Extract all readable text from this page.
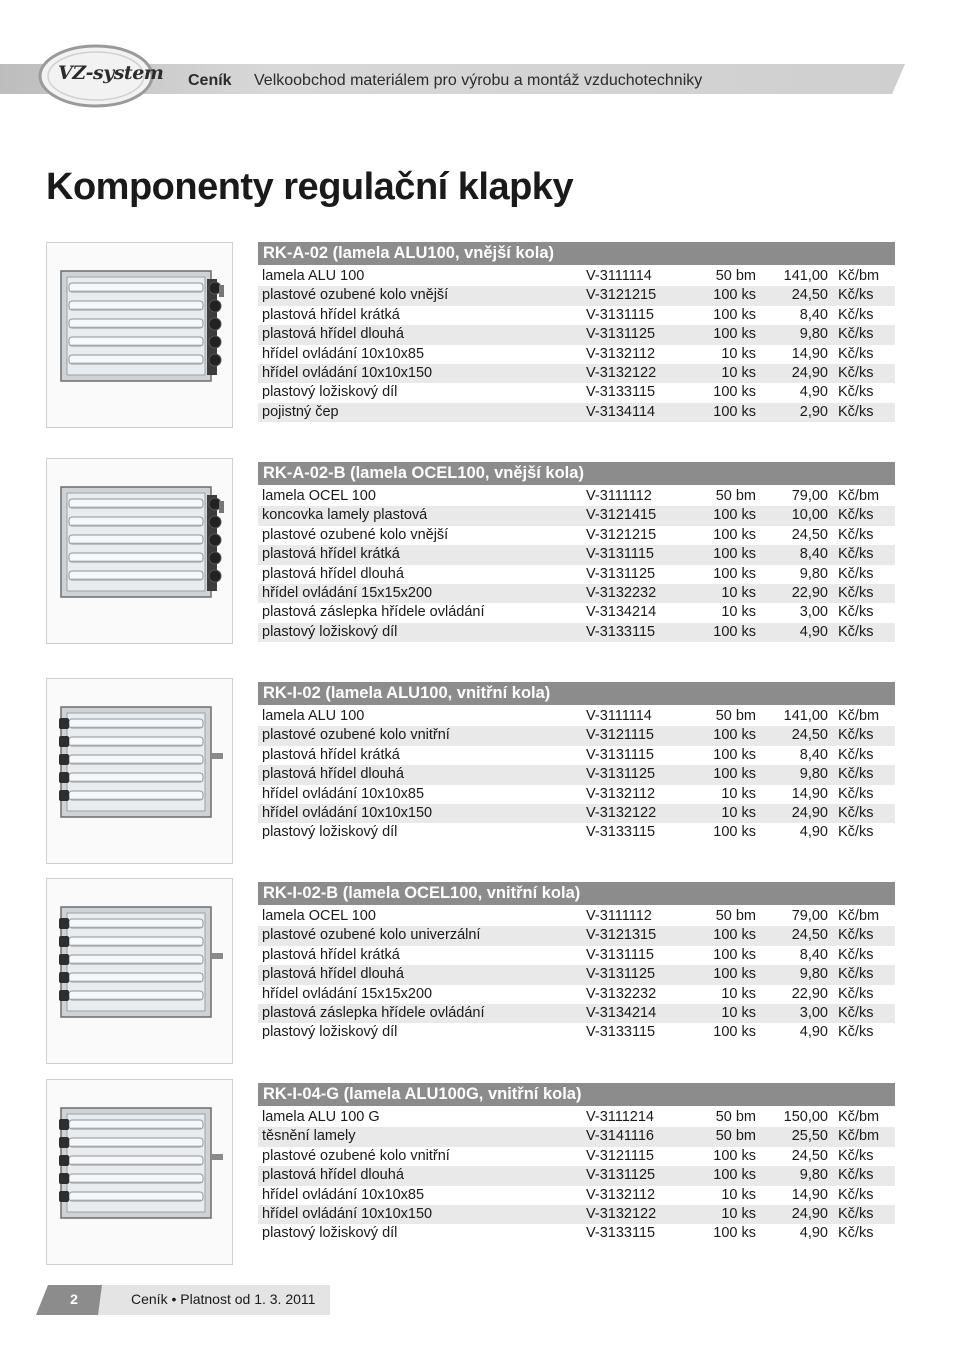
VZ-system Ceník Velkoobchod materiálem pro výrobu a montáž vzduchotechniky
Komponenty regulační klapky
RK-A-02 (lamela ALU100, vnější kola)
lamela ALU 100	V-3111114	50 bm	141,00 Kč/bm
plastové ozubené kolo vnější	V-3121215	100 ks	24,50 Kč/ks
plastová hřídel krátká	V-3131115	100 ks	8,40 Kč/ks
plastová hřídel dlouhá	V-3131125	100 ks	9,80 Kč/ks
hřídel ovládání 10x10x85	V-3132112	10 ks	14,90 Kč/ks
hřídel ovládání 10x10x150	V-3132122	10 ks	24,90 Kč/ks
plastový ložiskový díl	V-3133115	100 ks	4,90 Kč/ks
pojistný čep	V-3134114	100 ks	2,90 Kč/ks
RK-A-02-B (lamela OCEL100, vnější kola)
lamela OCEL 100	V-3111112	50 bm	79,00 Kč/bm
koncovka lamely plastová	V-3121415	100 ks	10,00 Kč/ks
plastové ozubené kolo vnější	V-3121215	100 ks	24,50 Kč/ks
plastová hřídel krátká	V-3131115	100 ks	8,40 Kč/ks
plastová hřídel dlouhá	V-3131125	100 ks	9,80 Kč/ks
hřídel ovládání 15x15x200	V-3132232	10 ks	22,90 Kč/ks
plastová záslepka hřídele ovládání	V-3134214	10 ks	3,00 Kč/ks
plastový ložiskový díl	V-3133115	100 ks	4,90 Kč/ks
RK-I-02 (lamela ALU100, vnitřní kola)
lamela ALU 100	V-3111114	50 bm	141,00 Kč/bm
plastové ozubené kolo vnitřní	V-3121115	100 ks	24,50 Kč/ks
plastová hřídel krátká	V-3131115	100 ks	8,40 Kč/ks
plastová hřídel dlouhá	V-3131125	100 ks	9,80 Kč/ks
hřídel ovládání 10x10x85	V-3132112	10 ks	14,90 Kč/ks
hřídel ovládání 10x10x150	V-3132122	10 ks	24,90 Kč/ks
plastový ložiskový díl	V-3133115	100 ks	4,90 Kč/ks
RK-I-02-B (lamela OCEL100, vnitřní kola)
lamela OCEL 100	V-3111112	50 bm	79,00 Kč/bm
plastové ozubené kolo univerzální	V-3121315	100 ks	24,50 Kč/ks
plastová hřídel krátká	V-3131115	100 ks	8,40 Kč/ks
plastová hřídel dlouhá	V-3131125	100 ks	9,80 Kč/ks
hřídel ovládání 15x15x200	V-3132232	10 ks	22,90 Kč/ks
plastová záslepka hřídele ovládání	V-3134214	10 ks	3,00 Kč/ks
plastový ložiskový díl	V-3133115	100 ks	4,90 Kč/ks
RK-I-04-G (lamela ALU100G, vnitřní kola)
lamela ALU 100 G	V-3111214	50 bm	150,00 Kč/bm
těsnění lamely	V-3141116	50 bm	25,50 Kč/bm
plastové ozubené kolo vnitřní	V-3121115	100 ks	24,50 Kč/ks
plastová hřídel dlouhá	V-3131125	100 ks	9,80 Kč/ks
hřídel ovládání 10x10x85	V-3132112	10 ks	14,90 Kč/ks
hřídel ovládání 10x10x150	V-3132122	10 ks	24,90 Kč/ks
plastový ložiskový díl	V-3133115	100 ks	4,90 Kč/ks
2	Ceník • Platnost od 1. 3. 2011
